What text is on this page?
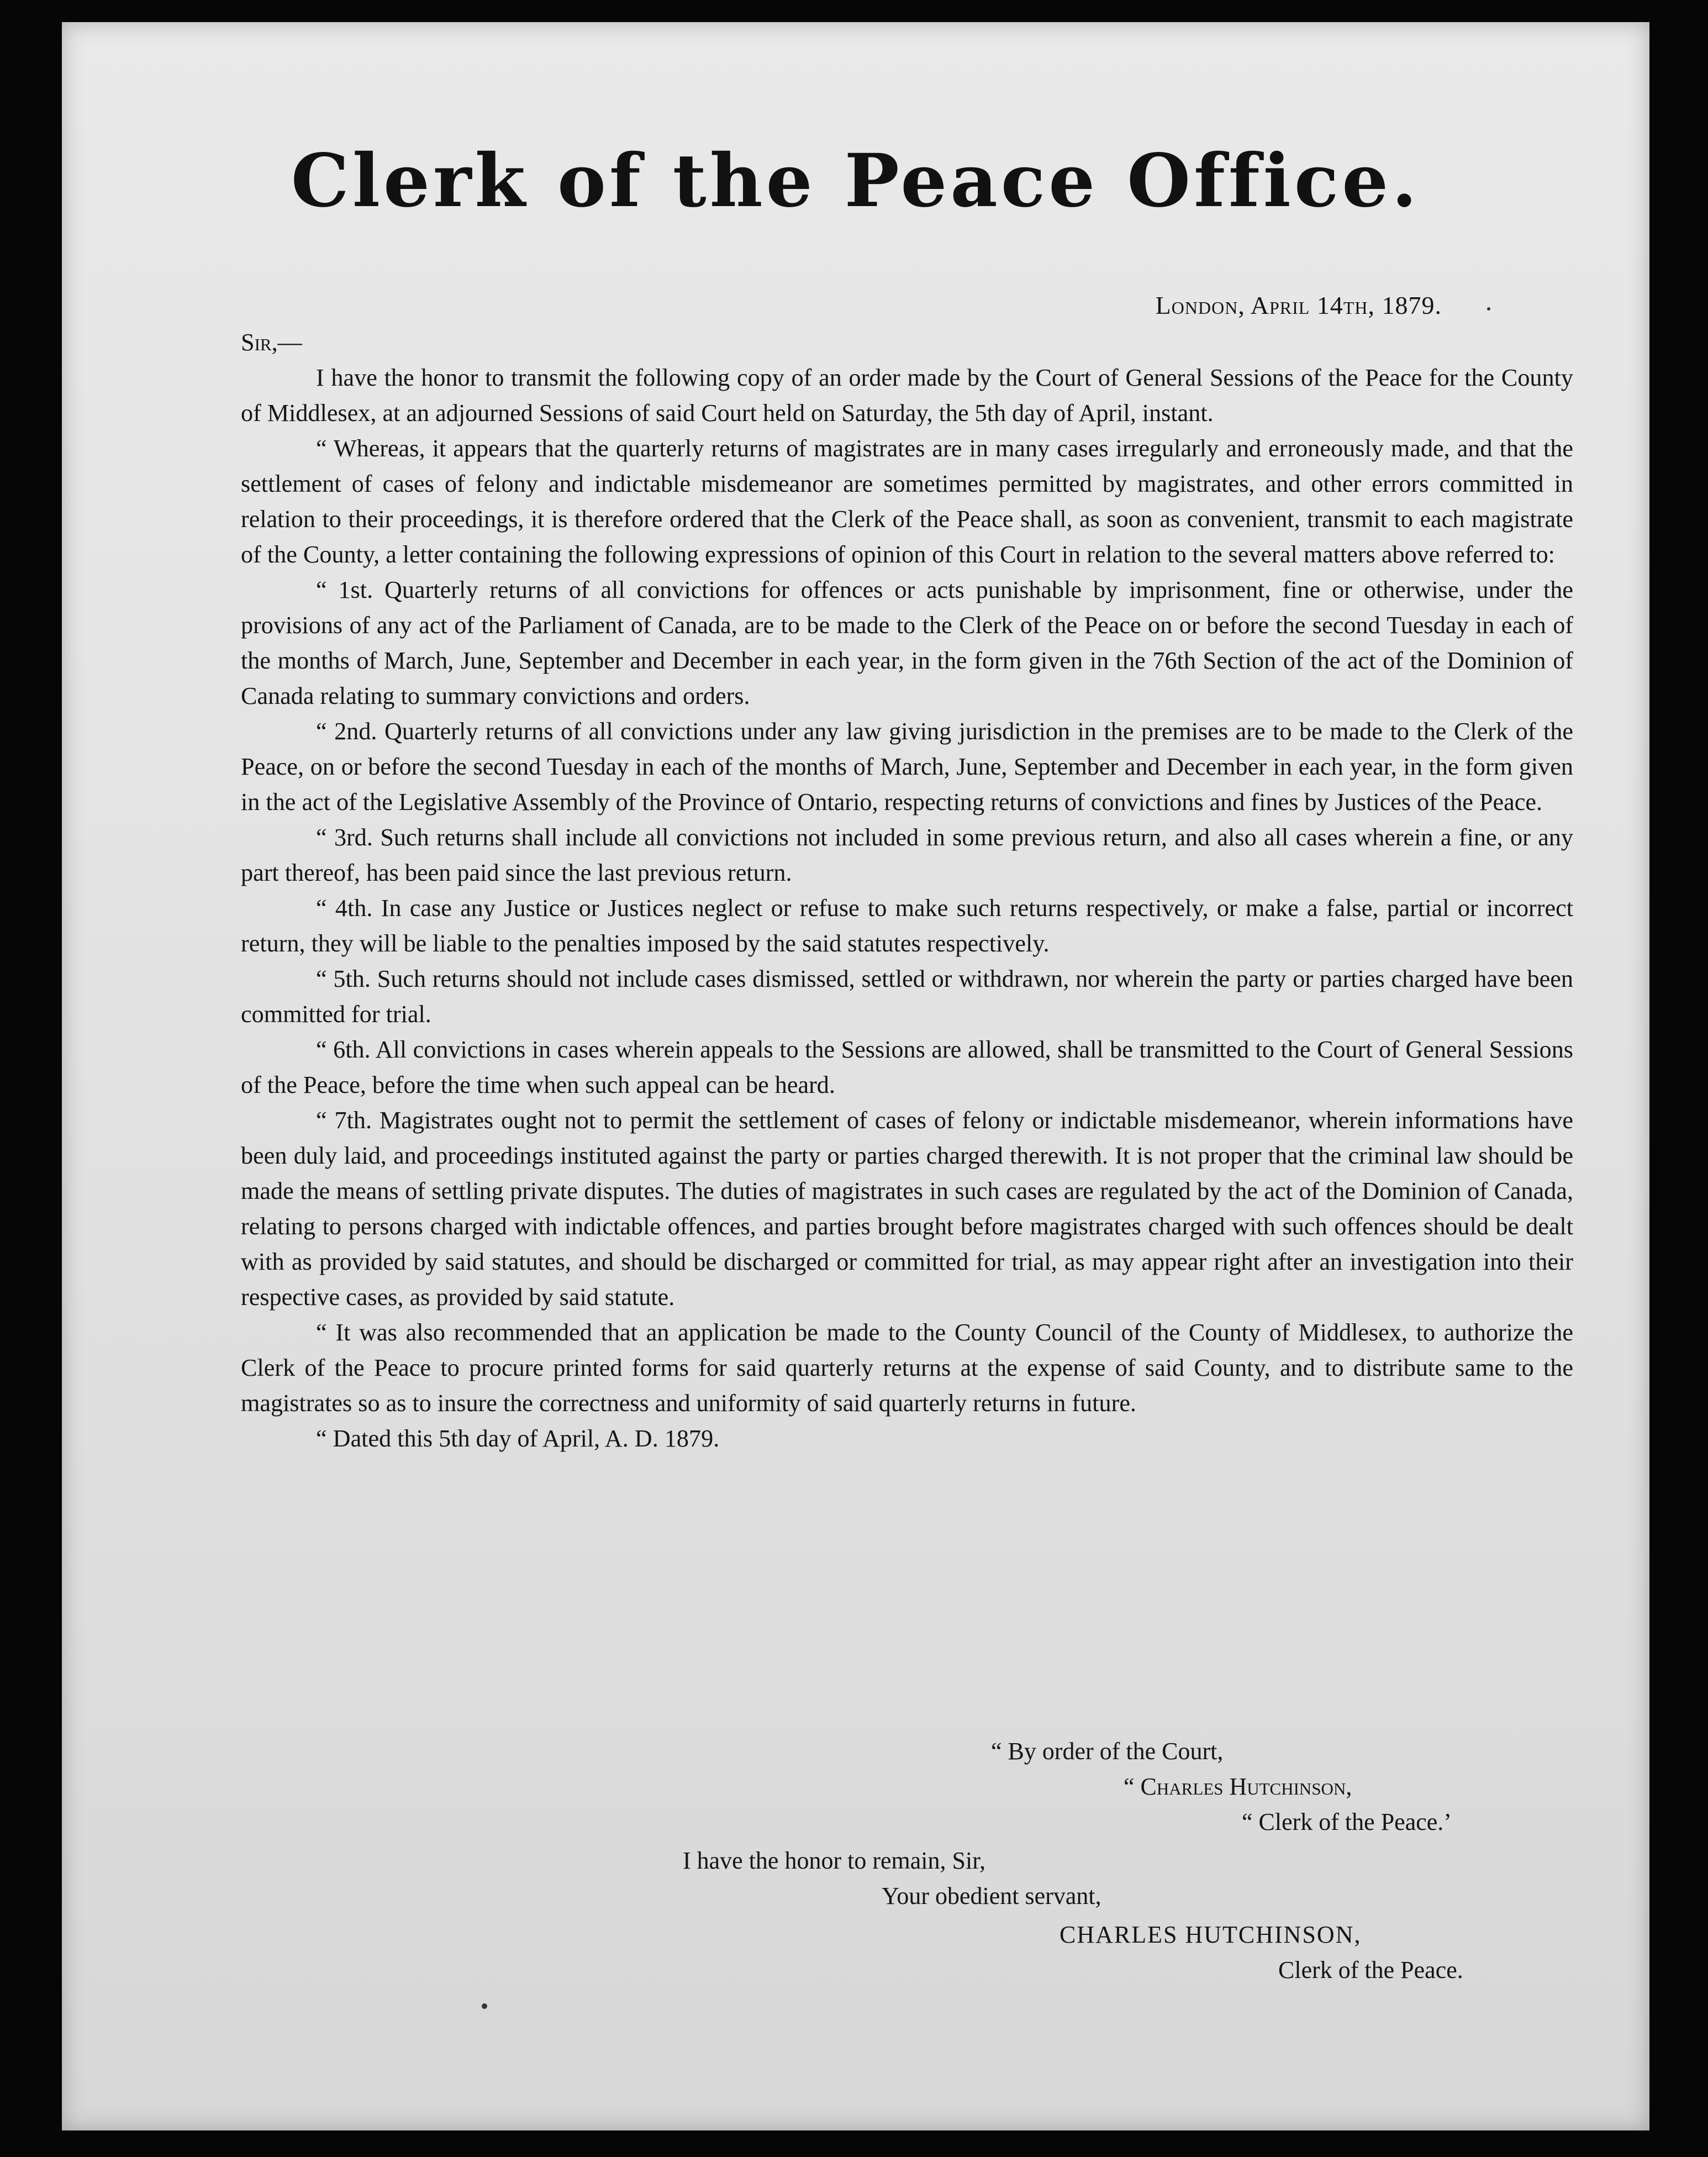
Clerk of the Peace Office.
London, April 14th, 1879.

Sir,—

I have the honor to transmit the following copy of an order made by the Court of General Sessions of the Peace for the County of Middlesex, at an adjourned Sessions of said Court held on Saturday, the 5th day of April, instant.

“ Whereas, it appears that the quarterly returns of magistrates are in many cases irregularly and erroneously made, and that the settlement of cases of felony and indictable misdemeanor are sometimes permitted by magistrates, and other errors committed in relation to their proceedings, it is therefore ordered that the Clerk of the Peace shall, as soon as convenient, transmit to each magistrate of the County, a letter containing the following expressions of opinion of this Court in relation to the several matters above referred to:

“ 1st. Quarterly returns of all convictions for offences or acts punishable by imprisonment, fine or otherwise, under the provisions of any act of the Parliament of Canada, are to be made to the Clerk of the Peace on or before the second Tuesday in each of the months of March, June, September and December in each year, in the form given in the 76th Section of the act of the Dominion of Canada relating to summary convictions and orders.

“ 2nd. Quarterly returns of all convictions under any law giving jurisdiction in the premises are to be made to the Clerk of the Peace, on or before the second Tuesday in each of the months of March, June, September and December in each year, in the form given in the act of the Legislative Assembly of the Province of Ontario, respecting returns of convictions and fines by Justices of the Peace.

“ 3rd. Such returns shall include all convictions not included in some previous return, and also all cases wherein a fine, or any part thereof, has been paid since the last previous return.

“ 4th. In case any Justice or Justices neglect or refuse to make such returns respectively, or make a false, partial or incorrect return, they will be liable to the penalties imposed by the said statutes respectively.

“ 5th. Such returns should not include cases dismissed, settled or withdrawn, nor wherein the party or parties charged have been committed for trial.

“ 6th. All convictions in cases wherein appeals to the Sessions are allowed, shall be transmitted to the Court of General Sessions of the Peace, before the time when such appeal can be heard.

“ 7th. Magistrates ought not to permit the settlement of cases of felony or indictable misdemeanor, wherein informations have been duly laid, and proceedings instituted against the party or parties charged therewith. It is not proper that the criminal law should be made the means of settling private disputes. The duties of magistrates in such cases are regulated by the act of the Dominion of Canada, relating to persons charged with indictable offences, and parties brought before magistrates charged with such offences should be dealt with as provided by said statutes, and should be discharged or committed for trial, as may appear right after an investigation into their respective cases, as provided by said statute.

“ It was also recommended that an application be made to the County Council of the County of Middlesex, to authorize the Clerk of the Peace to procure printed forms for said quarterly returns at the expense of said County, and to distribute same to the magistrates so as to insure the correctness and uniformity of said quarterly returns in future.

“ Dated this 5th day of April, A. D. 1879.

“ By order of the Court,
“ Charles Hutchinson,
“ Clerk of the Peace.’
I have the honor to remain, Sir,
Your obedient servant,
CHARLES HUTCHINSON,
Clerk of the Peace.
